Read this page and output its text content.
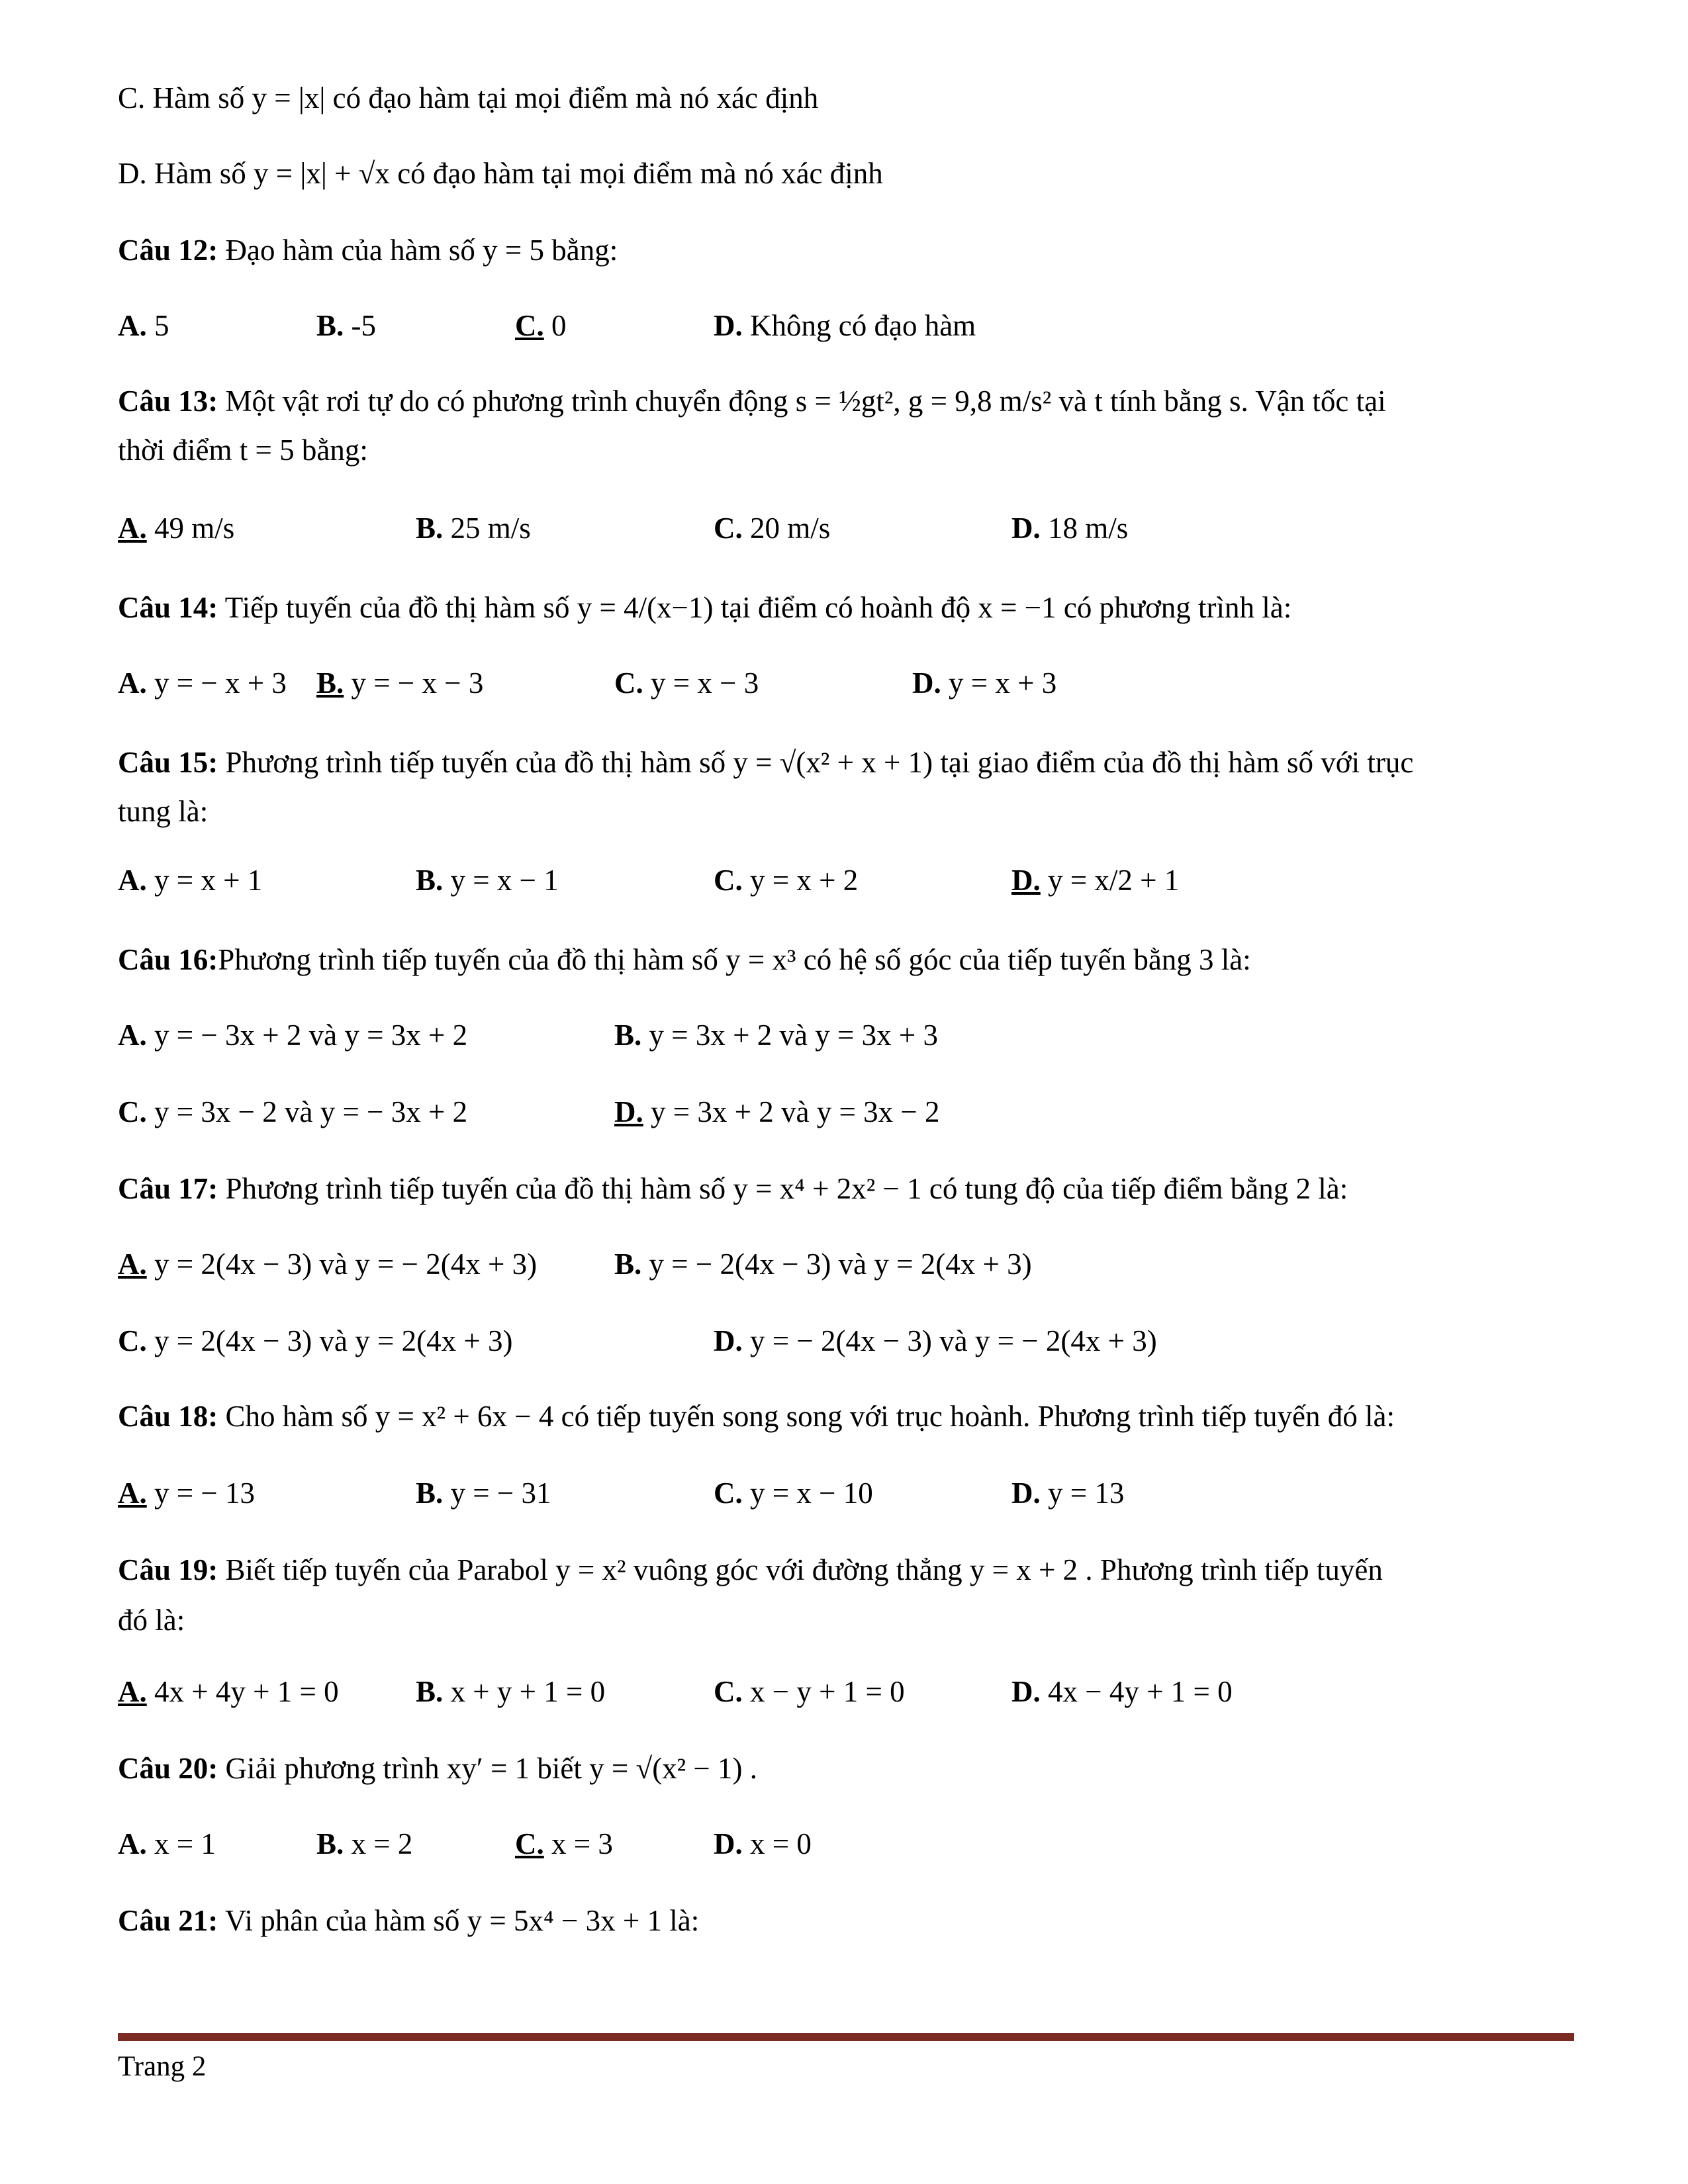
C. Hàm số y = |x| có đạo hàm tại mọi điểm mà nó xác định
D. Hàm số y = |x| + √x có đạo hàm tại mọi điểm mà nó xác định
Câu 12: Đạo hàm của hàm số y = 5 bằng:
A. 5	B. -5	C. 0	D. Không có đạo hàm
Câu 13: Một vật rơi tự do có phương trình chuyển động s = ½gt², g = 9,8 m/s² và t tính bằng s. Vận tốc tại
thời điểm t = 5 bằng:
A. 49 m/s	B. 25 m/s	C. 20 m/s	D. 18 m/s
Câu 14: Tiếp tuyến của đồ thị hàm số y = 4/(x−1) tại điểm có hoành độ x = −1 có phương trình là:
A. y = − x + 3 B. y = − x − 3	C. y = x − 3	D. y = x + 3
Câu 15: Phương trình tiếp tuyến của đồ thị hàm số y = √(x² + x + 1) tại giao điểm của đồ thị hàm số với trục
tung là:
A. y = x + 1	B. y = x − 1	C. y = x + 2	D. y = x/2 + 1
Câu 16:Phương trình tiếp tuyến của đồ thị hàm số y = x³ có hệ số góc của tiếp tuyến bằng 3 là:
A. y = − 3x + 2 và y = 3x + 2	B. y = 3x + 2 và y = 3x + 3
C. y = 3x − 2 và y = − 3x + 2	D. y = 3x + 2 và y = 3x − 2
Câu 17: Phương trình tiếp tuyến của đồ thị hàm số y = x⁴ + 2x² − 1 có tung độ của tiếp điểm bằng 2 là:
A. y = 2(4x − 3) và y = − 2(4x + 3)	B. y = − 2(4x − 3) và y = 2(4x + 3)
C. y = 2(4x − 3) và y = 2(4x + 3)	D. y = − 2(4x − 3) và y = − 2(4x + 3)
Câu 18: Cho hàm số y = x² + 6x − 4 có tiếp tuyến song song với trục hoành. Phương trình tiếp tuyến đó là:
A. y = − 13	B. y = − 31	C. y = x − 10	D. y = 13
Câu 19: Biết tiếp tuyến của Parabol y = x² vuông góc với đường thẳng y = x + 2 . Phương trình tiếp tuyến
đó là:
A. 4x + 4y + 1 = 0	B. x + y + 1 = 0	C. x − y + 1 = 0	D. 4x − 4y + 1 = 0
Câu 20: Giải phương trình xy′ = 1 biết y = √(x² − 1) .
A. x = 1	B. x = 2	C. x = 3	D. x = 0
Câu 21: Vi phân của hàm số y = 5x⁴ − 3x + 1 là:
Trang 2
